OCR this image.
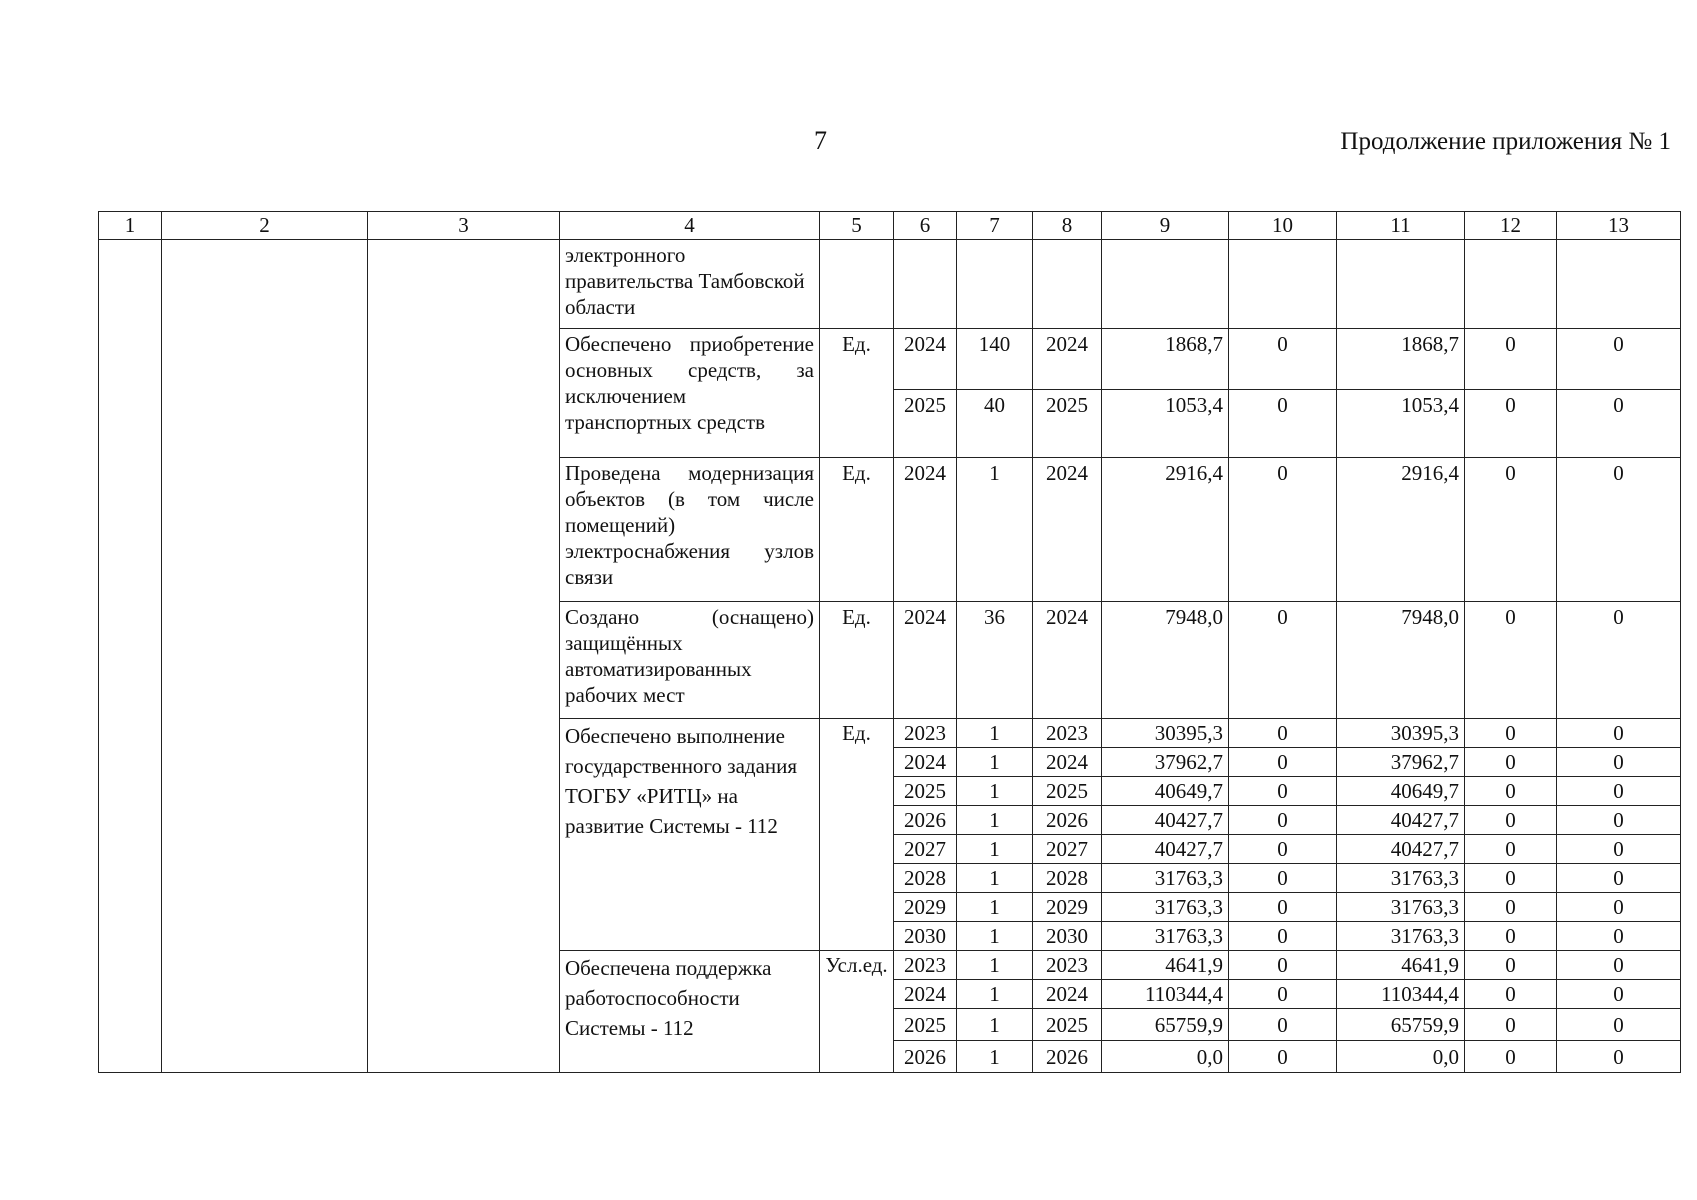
7	Продолжение приложения № 1
1	2	3	4	5	6	7	8	9	10	11	12	13
			электронного правительства Тамбовской области									
			Обеспечено приобретение основных средств, за исключением транспортных средств	Ед.	2024	140	2024	1868,7	0	1868,7	0	0
					2025	40	2025	1053,4	0	1053,4	0	0
			Проведена модернизация объектов (в том числе помещений) электроснабжения узлов связи	Ед.	2024	1	2024	2916,4	0	2916,4	0	0
			Создано (оснащено) защищённых автоматизированных рабочих мест	Ед.	2024	36	2024	7948,0	0	7948,0	0	0
			Обеспечено выполнение государственного задания ТОГБУ «РИТЦ» на развитие Системы - 112	Ед.	2023	1	2023	30395,3	0	30395,3	0	0
					2024	1	2024	37962,7	0	37962,7	0	0
					2025	1	2025	40649,7	0	40649,7	0	0
					2026	1	2026	40427,7	0	40427,7	0	0
					2027	1	2027	40427,7	0	40427,7	0	0
					2028	1	2028	31763,3	0	31763,3	0	0
					2029	1	2029	31763,3	0	31763,3	0	0
					2030	1	2030	31763,3	0	31763,3	0	0
			Обеспечена поддержка работоспособности Системы - 112	Усл.ед.	2023	1	2023	4641,9	0	4641,9	0	0
					2024	1	2024	110344,4	0	110344,4	0	0
					2025	1	2025	65759,9	0	65759,9	0	0
					2026	1	2026	0,0	0	0,0	0	0
